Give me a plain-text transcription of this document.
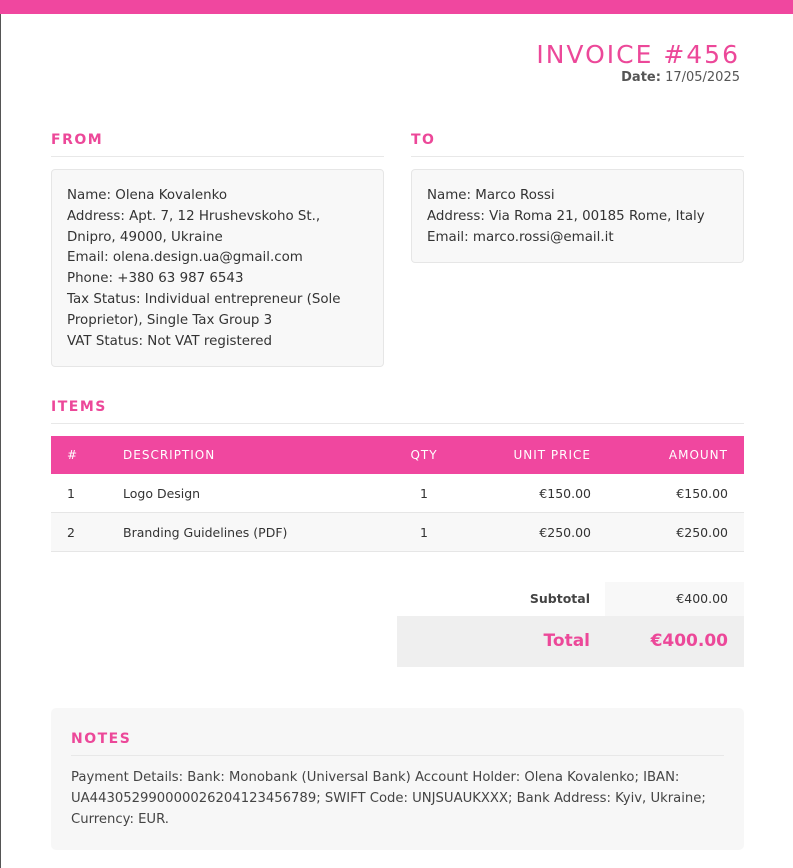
INVOICE #456
Date: 17/05/2025
FROM
Name: Olena Kovalenko
Address: Apt. 7, 12 Hrushevskoho St., Dnipro, 49000, Ukraine
Email: olena.design.ua@gmail.com
Phone: +380 63 987 6543
Tax Status: Individual entrepreneur (Sole Proprietor), Single Tax Group 3
VAT Status: Not VAT registered
TO
Name: Marco Rossi
Address: Via Roma 21, 00185 Rome, Italy
Email: marco.rossi@email.it
ITEMS
#	DESCRIPTION	QTY	UNIT PRICE	AMOUNT
1	Logo Design	1	€150.00	€150.00
2	Branding Guidelines (PDF)	1	€250.00	€250.00
Subtotal	€400.00
Total	€400.00
NOTES
Payment Details: Bank: Monobank (Universal Bank) Account Holder: Olena Kovalenko; IBAN: UA443052990000026204123456789; SWIFT Code: UNJSUAUKXXX; Bank Address: Kyiv, Ukraine; Currency: EUR.
